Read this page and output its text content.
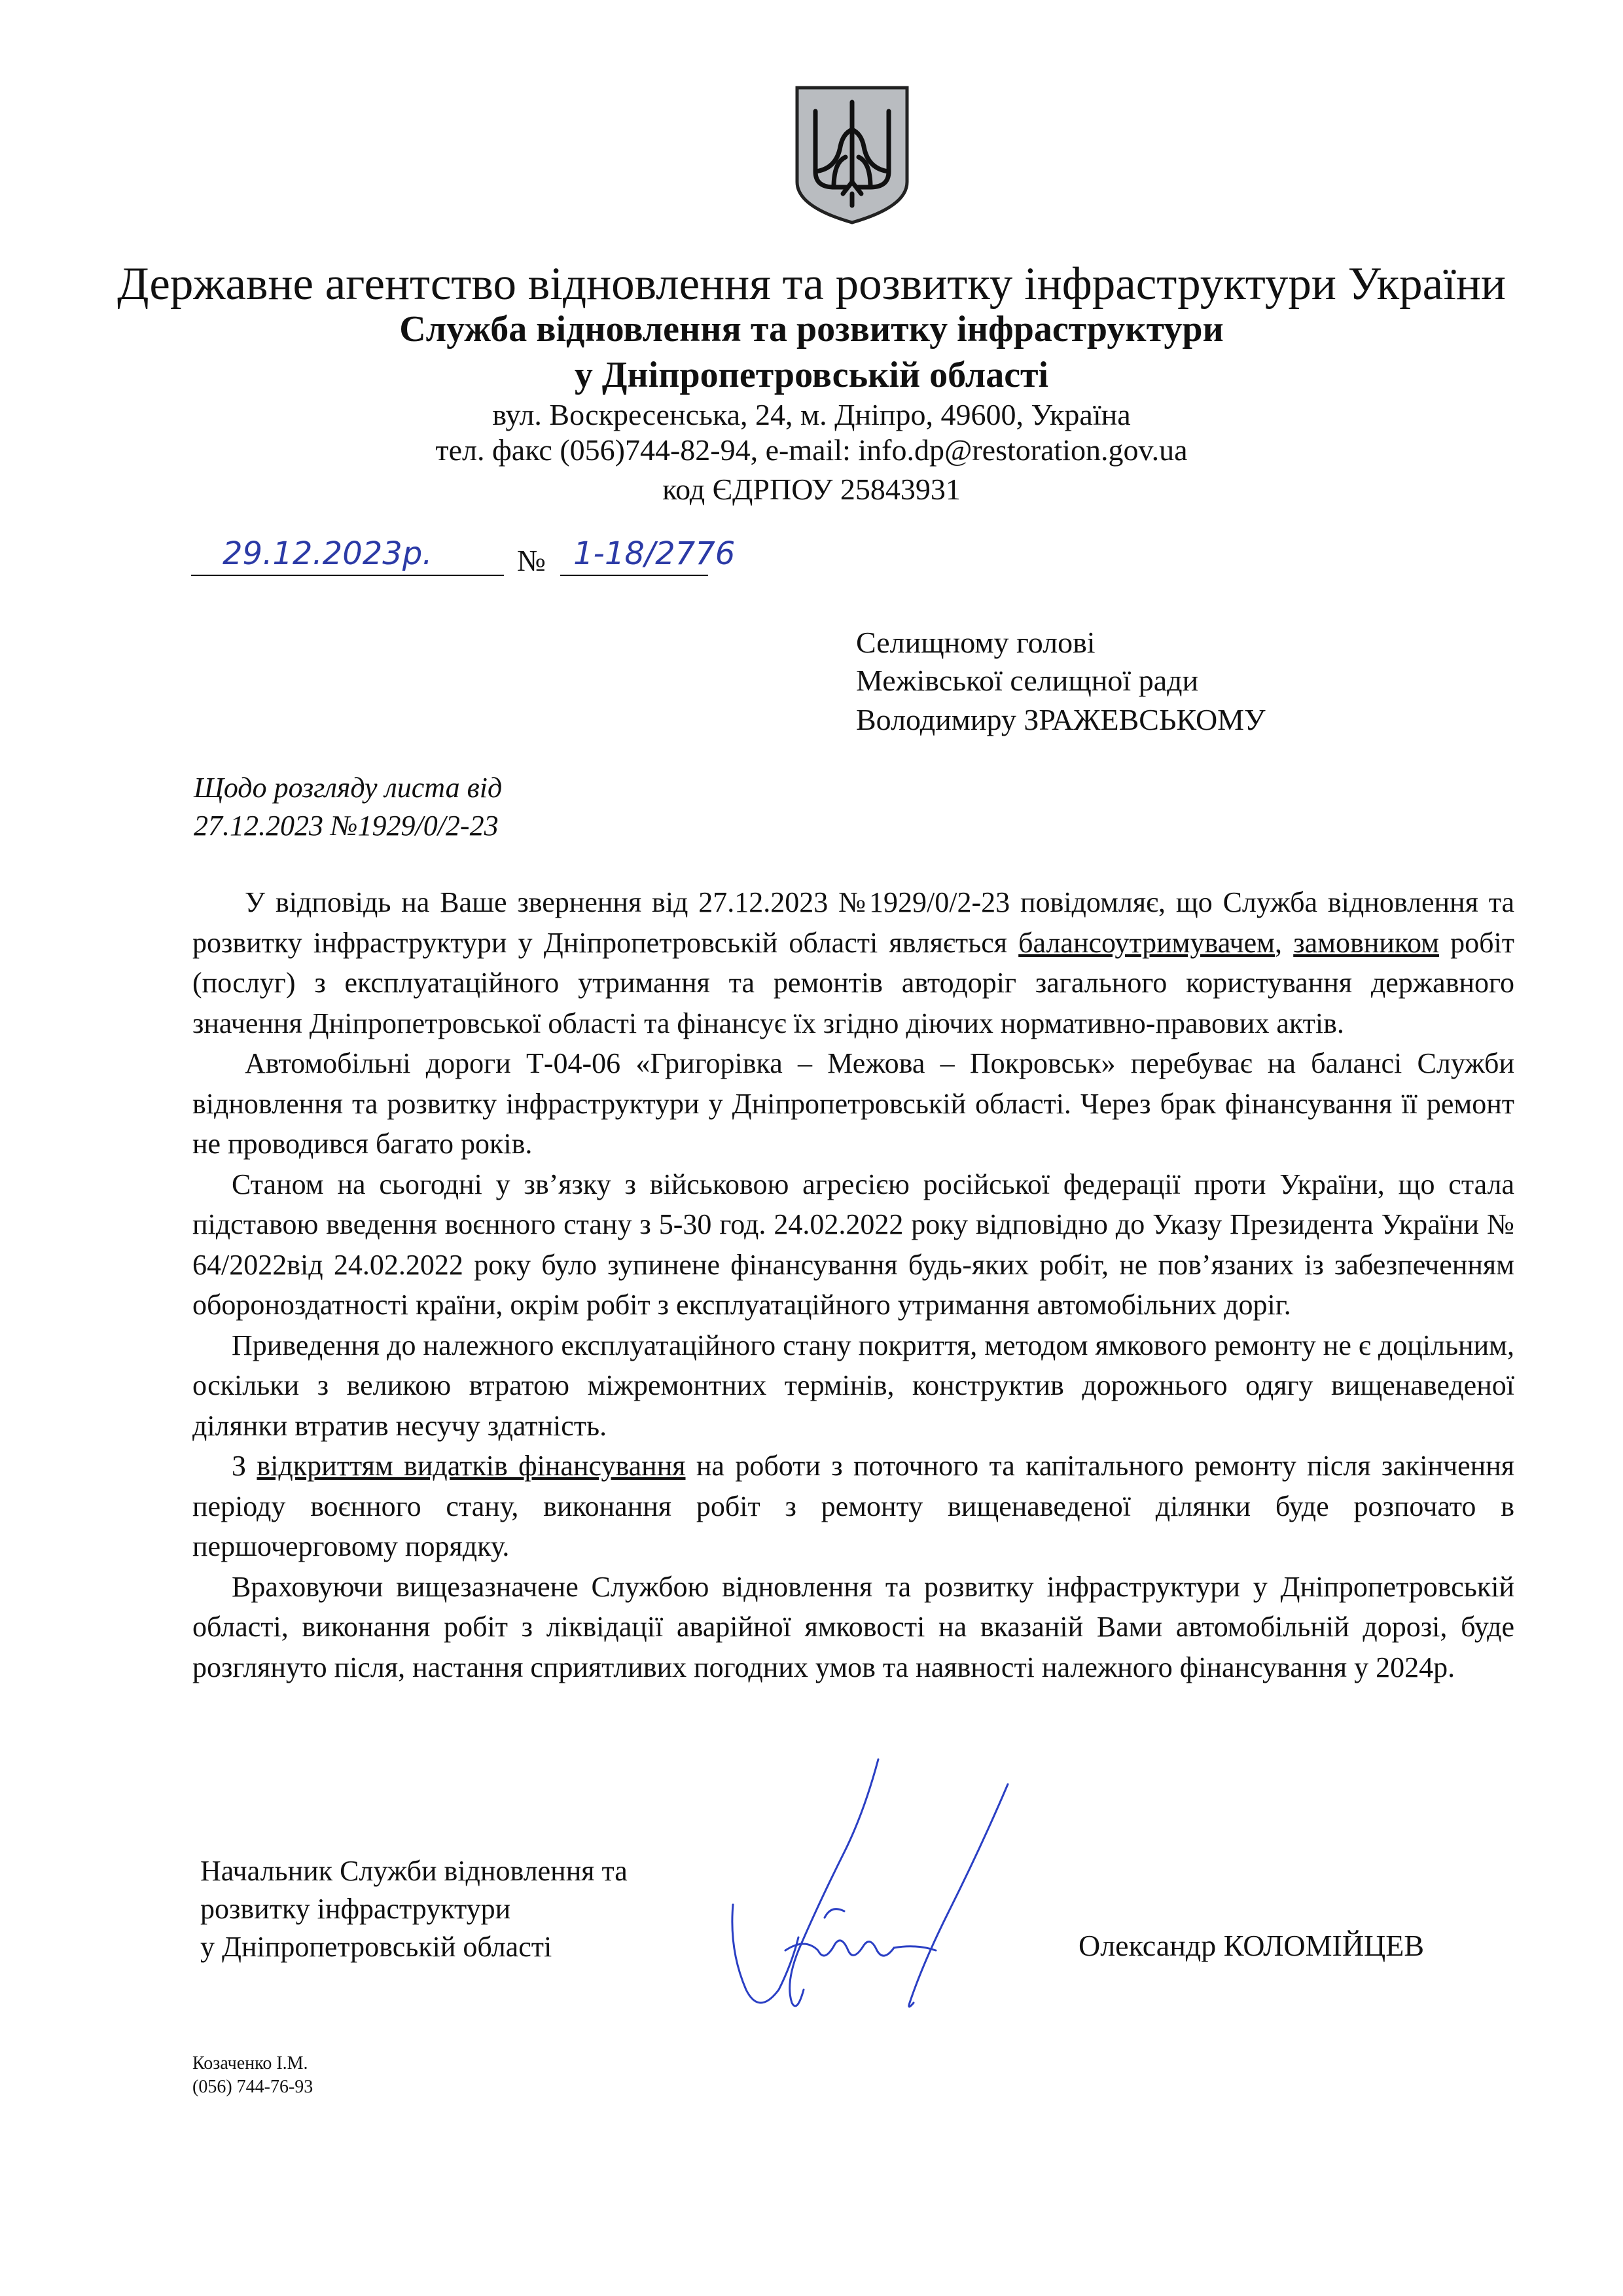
Державне агентство відновлення та розвитку інфраструктури України
Служба відновлення та розвитку інфраструктури
у Дніпропетровській області
вул. Воскресенська, 24, м. Дніпро, 49600, Україна
тел. факс (056)744-82-94, e-mail: info.dp@restoration.gov.ua
код ЄДРПОУ 25843931
29.12.2023р.	№ 1-18/2776
Селищному голові
Межівської селищної ради
Володимиру ЗРАЖЕВСЬКОМУ
Щодо розгляду листа від
27.12.2023 №1929/0/2-23

У відповідь на Ваше звернення від 27.12.2023 №1929/0/2-23 повідомляє, що Служба відновлення та розвитку інфраструктури у Дніпропетровській області являється балансоутримувачем, замовником робіт (послуг) з експлуатаційного утримання та ремонтів автодоріг загального користування державного значення Дніпропетровської області та фінансує їх згідно діючих нормативно-правових актів.

Автомобільні дороги Т-04-06 «Григорівка – Межова – Покровськ» перебуває на балансі Служби відновлення та розвитку інфраструктури у Дніпропетровській області. Через брак фінансування її ремонт не проводився багато років.

Станом на сьогодні у зв’язку з військовою агресією російської федерації проти України, що стала підставою введення воєнного стану з 5-30 год. 24.02.2022 року відповідно до Указу Президента України № 64/2022від 24.02.2022 року було зупинене фінансування будь-яких робіт, не пов’язаних із забезпеченням обороноздатності країни, окрім робіт з експлуатаційного утримання автомобільних доріг.

Приведення до належного експлуатаційного стану покриття, методом ямкового ремонту не є доцільним, оскільки з великою втратою міжремонтних термінів, конструктив дорожнього одягу вищенаведеної ділянки втратив несучу здатність.

З відкриттям видатків фінансування на роботи з поточного та капітального ремонту після закінчення періоду воєнного стану, виконання робіт з ремонту вищенаведеної ділянки буде розпочато в першочерговому порядку.

Враховуючи вищезазначене Службою відновлення та розвитку інфраструктури у Дніпропетровській області, виконання робіт з ліквідації аварійної ямковості на вказаній Вами автомобільній дорозі, буде розглянуто після, настання сприятливих погодних умов та наявності належного фінансування у 2024р.

Начальник Служби відновлення та
розвитку інфраструктури
у Дніпропетровській області	Олександр КОЛОМІЙЦЕВ
Козаченко І.М.
(056) 744-76-93
